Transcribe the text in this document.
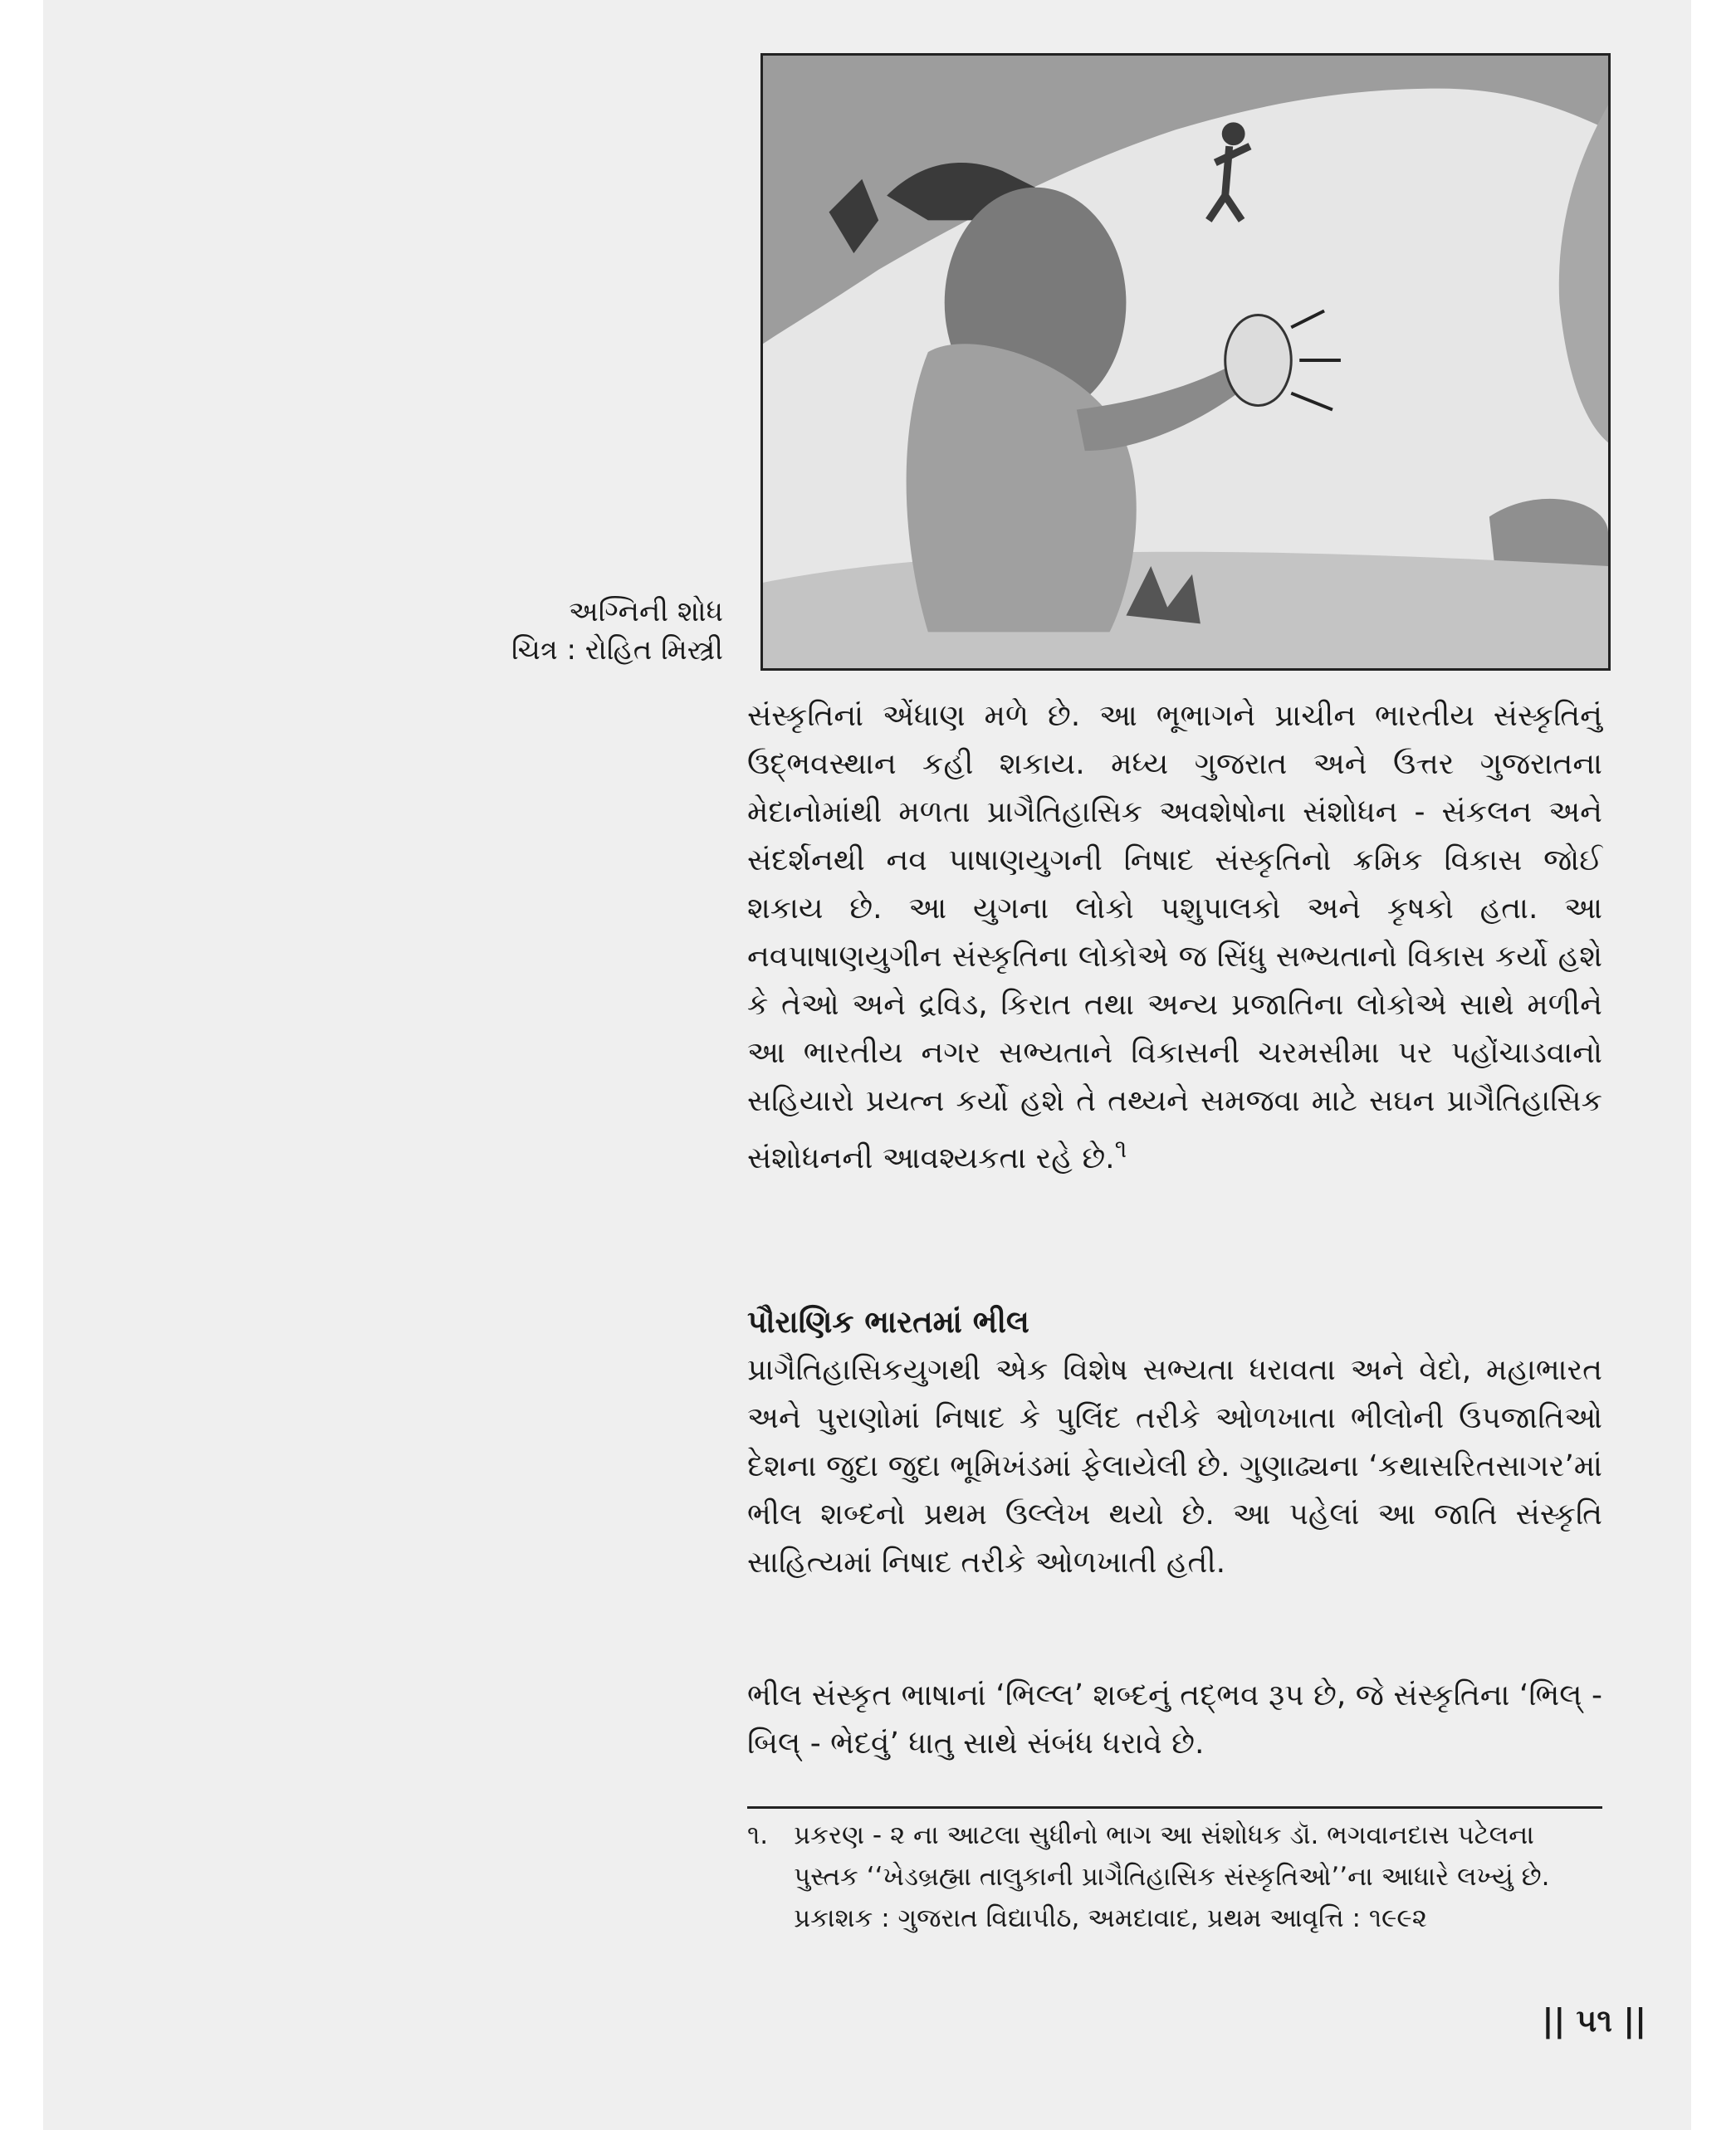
અગ્નિની શોધ
ચિત્ર : રોહિત મિસ્ત્રી

સંસ્કૃતિનાં એંધાણ મળે છે. આ ભૂભાગને પ્રાચીન ભારતીય સંસ્કૃતિનું ઉદ્ભવસ્થાન કહી શકાય. મધ્ય ગુજરાત અને ઉત્તર ગુજરાતના મેદાનોમાંથી મળતા પ્રાગૈતિહાસિક અવશેષોના સંશોધન - સંકલન અને સંદર્શનથી નવ પાષાણયુગની નિષાદ સંસ્કૃતિનો ક્રમિક વિકાસ જોઈ શકાય છે. આ યુગના લોકો પશુપાલકો અને કૃષકો હતા. આ નવપાષાણયુગીન સંસ્કૃતિના લોકોએ જ સિંધુ સભ્યતાનો વિકાસ કર્યો હશે કે તેઓ અને દ્રવિડ, કિરાત તથા અન્ય પ્રજાતિના લોકોએ સાથે મળીને આ ભારતીય નગર સભ્યતાને વિકાસની ચરમસીમા પર પહોંચાડવાનો સહિયારો પ્રયત્ન કર્યો હશે તે તથ્યને સમજવા માટે સઘન પ્રાગૈતિહાસિક સંશોધનની આવશ્યકતા રહે છે.$^૧$

પૌરાણિક ભારતમાં ભીલ

પ્રાગૈતિહાસિકયુગથી એક વિશેષ સભ્યતા ધરાવતા અને વેદો, મહાભારત અને પુરાણોમાં નિષાદ કે પુલિંદ તરીકે ઓળખાતા ભીલોની ઉપજાતિઓ દેશના જુદા જુદા ભૂમિખંડમાં ફેલાયેલી છે. ગુણાઢ્યના ‘કથાસરિતસાગર’માં ભીલ શબ્દનો પ્રથમ ઉલ્લેખ થયો છે. આ પહેલાં આ જાતિ સંસ્કૃતિ સાહિત્યમાં નિષાદ તરીકે ઓળખાતી હતી.

ભીલ સંસ્કૃત ભાષાનાં ‘ભિલ્લ’ શબ્દનું તદ્ભવ રૂપ છે, જે સંસ્કૃતિના ‘ભિલ્ - બિલ્ - ભેદવું’ ધાતુ સાથે સંબંધ ધરાવે છે.

૧. પ્રકરણ - ૨ ના આટલા સુધીનો ભાગ આ સંશોધક ડૉ. ભગવાનદાસ પટેલના
પુસ્તક ‘‘ખેડબ્રહ્મા તાલુકાની પ્રાગૈતિહાસિક સંસ્કૃતિઓ’’ના આધારે લખ્યું છે.
પ્રકાશક : ગુજરાત વિદ્યાપીઠ, અમદાવાદ, પ્રથમ આવૃત્તિ : ૧૯૯૨
|| ૫૧ ||
